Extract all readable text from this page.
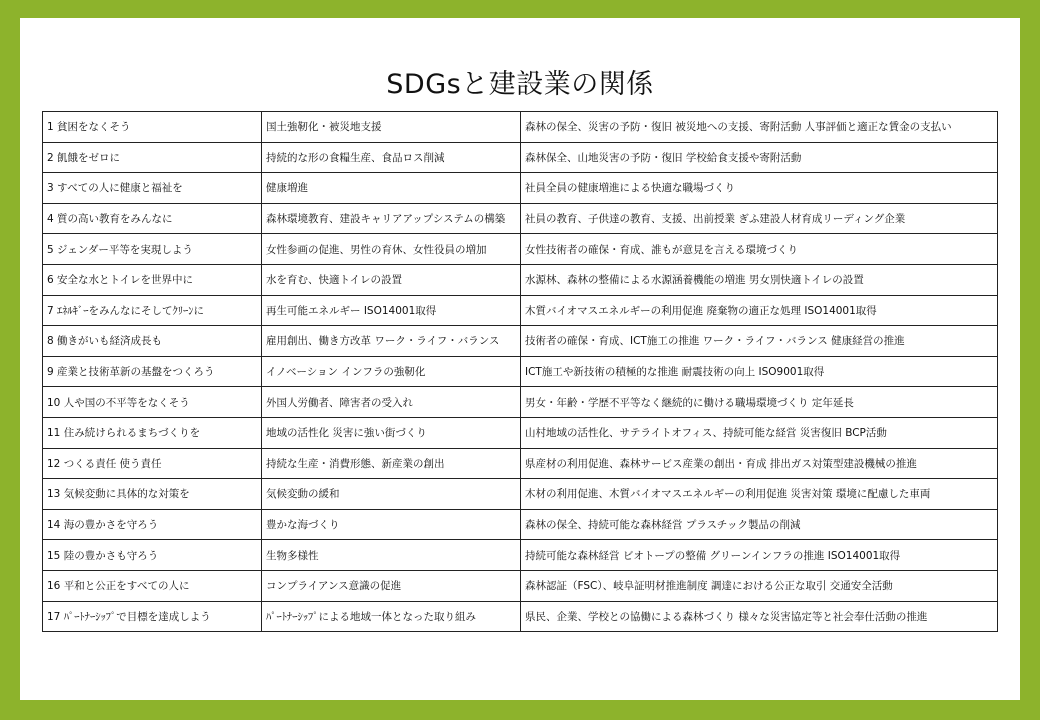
SDGsと建設業の関係
1 貧困をなくそう	国土強靭化・被災地支援	森林の保全、災害の予防・復旧 被災地への支援、寄附活動 人事評価と適正な賃金の支払い
2 飢餓をゼロに	持続的な形の食糧生産、食品ロス削減	森林保全、山地災害の予防・復旧 学校給食支援や寄附活動
3 すべての人に健康と福祉を	健康増進	社員全員の健康増進による快適な職場づくり
4 質の高い教育をみんなに	森林環境教育、建設キャリアアップシステムの構築	社員の教育、子供達の教育、支援、出前授業 ぎふ建設人材育成リーディング企業
5 ジェンダー平等を実現しよう	女性参画の促進、男性の育休、女性役員の増加	女性技術者の確保・育成、誰もが意見を言える環境づくり
6 安全な水とトイレを世界中に	水を育む、快適トイレの設置	水源林、森林の整備による水源涵養機能の増進 男女別快適トイレの設置
7 ｴﾈﾙｷﾞｰをみんなにそしてｸﾘｰﾝに	再生可能エネルギー ISO14001取得	木質バイオマスエネルギーの利用促進 廃棄物の適正な処理 ISO14001取得
8 働きがいも経済成長も	雇用創出、働き方改革 ワーク・ライフ・バランス	技術者の確保・育成、ICT施工の推進 ワーク・ライフ・バランス 健康経営の推進
9 産業と技術革新の基盤をつくろう	イノベーション インフラの強靭化	ICT施工や新技術の積極的な推進 耐震技術の向上 ISO9001取得
10 人や国の不平等をなくそう	外国人労働者、障害者の受入れ	男女・年齢・学歴不平等なく継続的に働ける職場環境づくり 定年延長
11 住み続けられるまちづくりを	地域の活性化 災害に強い街づくり	山村地域の活性化、サテライトオフィス、持続可能な経営 災害復旧 BCP活動
12 つくる責任 使う責任	持続な生産・消費形態、新産業の創出	県産材の利用促進、森林サービス産業の創出・育成 排出ガス対策型建設機械の推進
13 気候変動に具体的な対策を	気候変動の緩和	木材の利用促進、木質バイオマスエネルギーの利用促進 災害対策 環境に配慮した車両
14 海の豊かさを守ろう	豊かな海づくり	森林の保全、持続可能な森林経営 プラスチック製品の削減
15 陸の豊かさも守ろう	生物多様性	持続可能な森林経営 ビオトープの整備 グリーンインフラの推進 ISO14001取得
16 平和と公正をすべての人に	コンプライアンス意識の促進	森林認証（FSC）、岐阜証明材推進制度 調達における公正な取引 交通安全活動
17 ﾊﾟｰﾄﾅｰｼｯﾌﾟで目標を達成しよう	ﾊﾟｰﾄﾅｰｼｯﾌﾟによる地域一体となった取り組み	県民、企業、学校との協働による森林づくり 様々な災害協定等と社会奉仕活動の推進
